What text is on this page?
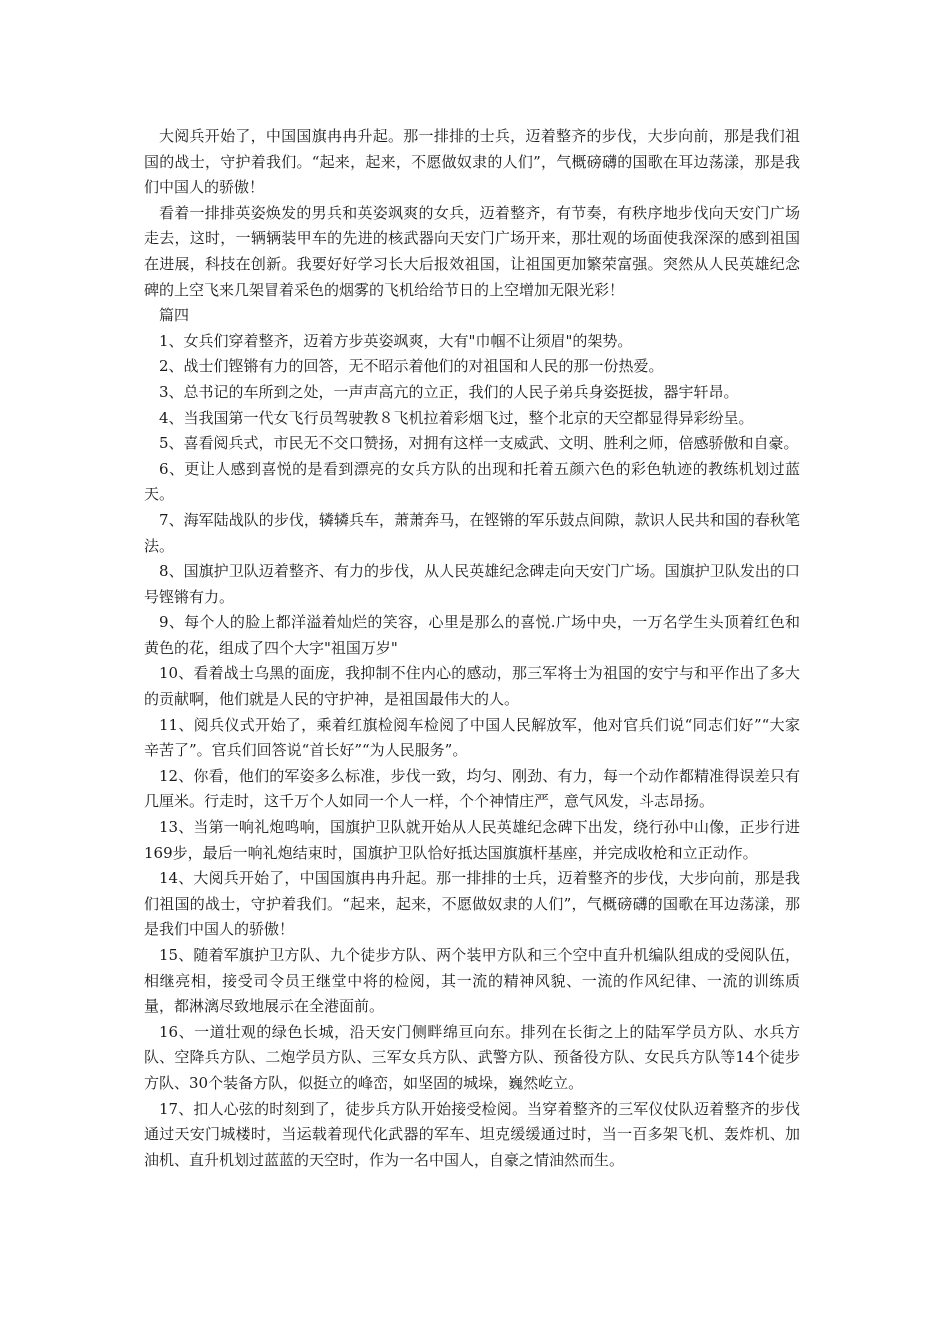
大阅兵开始了，中国国旗冉冉升起。那一排排的士兵，迈着整齐的步伐，大步向前，那是我们祖国的战士，守护着我们。“起来，起来，不愿做奴隶的人们”，气概磅礴的国歌在耳边荡漾，那是我们中国人的骄傲！

看着一排排英姿焕发的男兵和英姿飒爽的女兵，迈着整齐，有节奏，有秩序地步伐向天安门广场走去，这时，一辆辆装甲车的先进的核武器向天安门广场开来，那壮观的场面使我深深的感到祖国在进展，科技在创新。我要好好学习长大后报效祖国，让祖国更加繁荣富强。突然从人民英雄纪念碑的上空飞来几架冒着采色的烟雾的飞机给给节日的上空增加无限光彩！

篇四

1、女兵们穿着整齐，迈着方步英姿飒爽，大有"巾帼不让须眉"的架势。

2、战士们铿锵有力的回答，无不昭示着他们的对祖国和人民的那一份热爱。

3、总书记的车所到之处，一声声高亢的立正，我们的人民子弟兵身姿挺拔，器宇轩昂。

4、当我国第一代女飞行员驾驶教８飞机拉着彩烟飞过，整个北京的天空都显得异彩纷呈。

5、喜看阅兵式，市民无不交口赞扬，对拥有这样一支威武、文明、胜利之师，倍感骄傲和自豪。

6、更让人感到喜悦的是看到漂亮的女兵方队的出现和托着五颜六色的彩色轨迹的教练机划过蓝天。

7、海军陆战队的步伐，辚辚兵车，萧萧奔马，在铿锵的军乐鼓点间隙，款识人民共和国的春秋笔法。

8、国旗护卫队迈着整齐、有力的步伐，从人民英雄纪念碑走向天安门广场。国旗护卫队发出的口号铿锵有力。

9、每个人的脸上都洋溢着灿烂的笑容，心里是那么的喜悦.广场中央，一万名学生头顶着红色和黄色的花，组成了四个大字"祖国万岁"

10、看着战士乌黑的面庞，我抑制不住内心的感动，那三军将士为祖国的安宁与和平作出了多大的贡献啊，他们就是人民的守护神，是祖国最伟大的人。

11、阅兵仪式开始了，乘着红旗检阅车检阅了中国人民解放军，他对官兵们说“同志们好”“大家辛苦了”。官兵们回答说“首长好”“为人民服务”。

12、你看，他们的军姿多么标准，步伐一致，均匀、刚劲、有力，每一个动作都精准得误差只有几厘米。行走时，这千万个人如同一个人一样，个个神情庄严，意气风发，斗志昂扬。

13、当第一响礼炮鸣响，国旗护卫队就开始从人民英雄纪念碑下出发，绕行孙中山像，正步行进169步，最后一响礼炮结束时，国旗护卫队恰好抵达国旗旗杆基座，并完成收枪和立正动作。

14、大阅兵开始了，中国国旗冉冉升起。那一排排的士兵，迈着整齐的步伐，大步向前，那是我们祖国的战士，守护着我们。“起来，起来，不愿做奴隶的人们”，气概磅礴的国歌在耳边荡漾，那是我们中国人的骄傲！

15、随着军旗护卫方队、九个徒步方队、两个装甲方队和三个空中直升机编队组成的受阅队伍，相继亮相，接受司令员王继堂中将的检阅，其一流的精神风貌、一流的作风纪律、一流的训练质量，都淋漓尽致地展示在全港面前。

16、一道壮观的绿色长城，沿天安门侧畔绵亘向东。排列在长街之上的陆军学员方队、水兵方队、空降兵方队、二炮学员方队、三军女兵方队、武警方队、预备役方队、女民兵方队等14个徒步方队、30个装备方队，似挺立的峰峦，如坚固的城垛，巍然屹立。

17、扣人心弦的时刻到了，徒步兵方队开始接受检阅。当穿着整齐的三军仪仗队迈着整齐的步伐通过天安门城楼时，当运载着现代化武器的军车、坦克缓缓通过时，当一百多架飞机、轰炸机、加油机、直升机划过蓝蓝的天空时，作为一名中国人，自豪之情油然而生。
